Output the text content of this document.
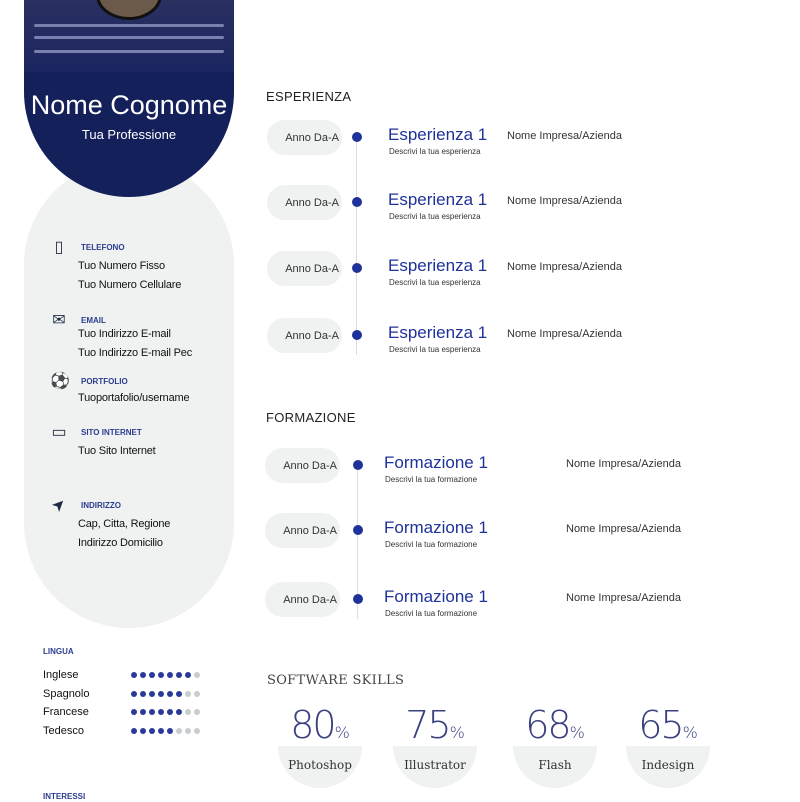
Nome Cognome
Tua Professione
▯	TELEFONO
Tuo Numero Fisso
Tuo Numero Cellulare
✉ EMAIL
Tuo Indirizzo E-mail
Tuo Indirizzo E-mail Pec
⚽ PORTFOLIO
Tuoportafolio/username
▭ SITO INTERNET
Tuo Sito Internet
➤ INDIRIZZO
Cap, Citta, Regione
Indirizzo Domicilio
LINGUA
Inglese
Spagnolo
Francese
Tedesco
INTERESSI
ESPERIENZA
FORMAZIONE
Anno Da-A	Esperienza 1
Descrivi la tua esperienza
Nome Impresa/Azienda
Anno Da-A	Esperienza 1
Descrivi la tua esperienza
Nome Impresa/Azienda
Anno Da-A	Esperienza 1
Descrivi la tua esperienza
Nome Impresa/Azienda
Anno Da-A	Esperienza 1
Descrivi la tua esperienza
Nome Impresa/Azienda
Anno Da-A	Formazione 1
Descrivi la tua formazione
Nome Impresa/Azienda
Anno Da-A	Formazione 1
Descrivi la tua formazione
Nome Impresa/Azienda
Anno Da-A	Formazione 1
Descrivi la tua formazione
Nome Impresa/Azienda
SOFTWARE SKILLS
80%
Photoshop
75%
Illustrator
68%
Flash
65%
Indesign
